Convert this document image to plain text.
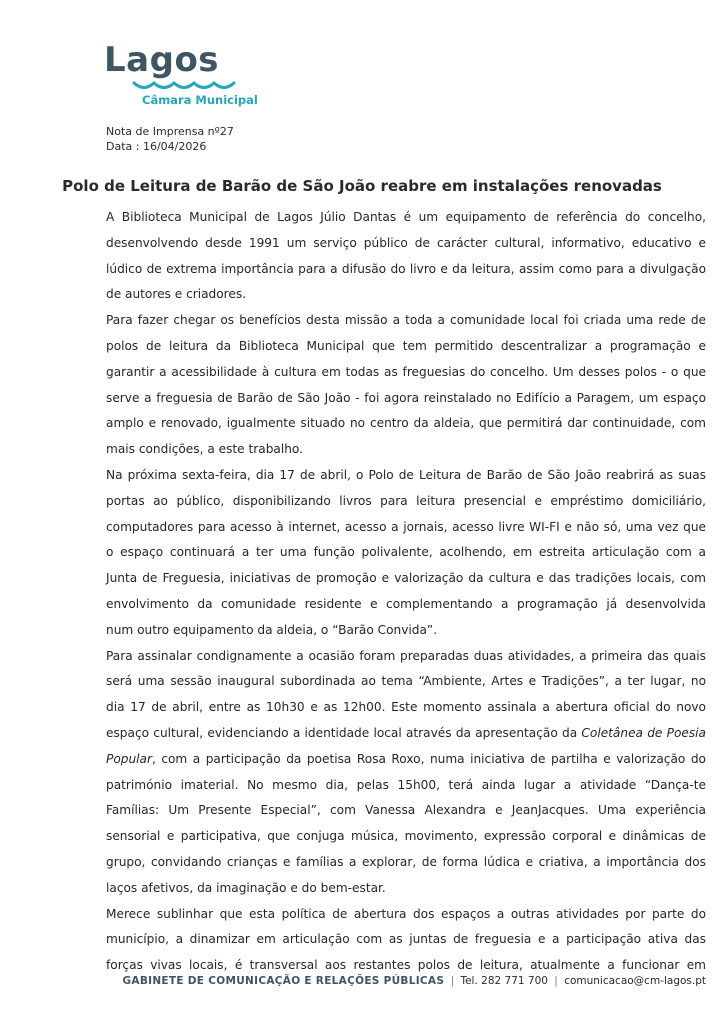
Lagos
Câmara Municipal
Nota de Imprensa nº27
Data : 16/04/2026
Polo de Leitura de Barão de São João reabre em instalações renovadas

A Biblioteca Municipal de Lagos Júlio Dantas é um equipamento de referência do concelho,
desenvolvendo desde 1991 um serviço público de carácter cultural, informativo, educativo e
lúdico de extrema importância para a difusão do livro e da leitura, assim como para a divulgação
de autores e criadores.

Para fazer chegar os benefícios desta missão a toda a comunidade local foi criada uma rede de
polos de leitura da Biblioteca Municipal que tem permitido descentralizar a programação e
garantir a acessibilidade à cultura em todas as freguesias do concelho. Um desses polos - o que
serve a freguesia de Barão de São João - foi agora reinstalado no Edifício a Paragem, um espaço
amplo e renovado, igualmente situado no centro da aldeia, que permitirá dar continuidade, com
mais condições, a este trabalho.

Na próxima sexta-feira, dia 17 de abril, o Polo de Leitura de Barão de São João reabrirá as suas
portas ao público, disponibilizando livros para leitura presencial e empréstimo domiciliário,
computadores para acesso à internet, acesso a jornais, acesso livre WI-FI e não só, uma vez que
o espaço continuará a ter uma função polivalente, acolhendo, em estreita articulação com a
Junta de Freguesia, iniciativas de promoção e valorização da cultura e das tradições locais, com
envolvimento da comunidade residente e complementando a programação já desenvolvida
num outro equipamento da aldeia, o “Barão Convida”.

Para assinalar condignamente a ocasião foram preparadas duas atividades, a primeira das quais
será uma sessão inaugural subordinada ao tema “Ambiente, Artes e Tradições”, a ter lugar, no
dia 17 de abril, entre as 10h30 e as 12h00. Este momento assinala a abertura oficial do novo
espaço cultural, evidenciando a identidade local através da apresentação da Coletânea de Poesia
Popular, com a participação da poetisa Rosa Roxo, numa iniciativa de partilha e valorização do
património imaterial. No mesmo dia, pelas 15h00, terá ainda lugar a atividade “Dança-te
Famílias: Um Presente Especial”, com Vanessa Alexandra e JeanJacques. Uma experiência
sensorial e participativa, que conjuga música, movimento, expressão corporal e dinâmicas de
grupo, convidando crianças e famílias a explorar, de forma lúdica e criativa, a importância dos
laços afetivos, da imaginação e do bem-estar.

Merece sublinhar que esta política de abertura dos espaços a outras atividades por parte do
município, a dinamizar em articulação com as juntas de freguesia e a participação ativa das
forças vivas locais, é transversal aos restantes polos de leitura, atualmente a funcionar em

GABINETE DE COMUNICAÇÃO E RELAÇÕES PÚBLICAS | Tel. 282 771 700 | comunicacao@cm-lagos.pt
